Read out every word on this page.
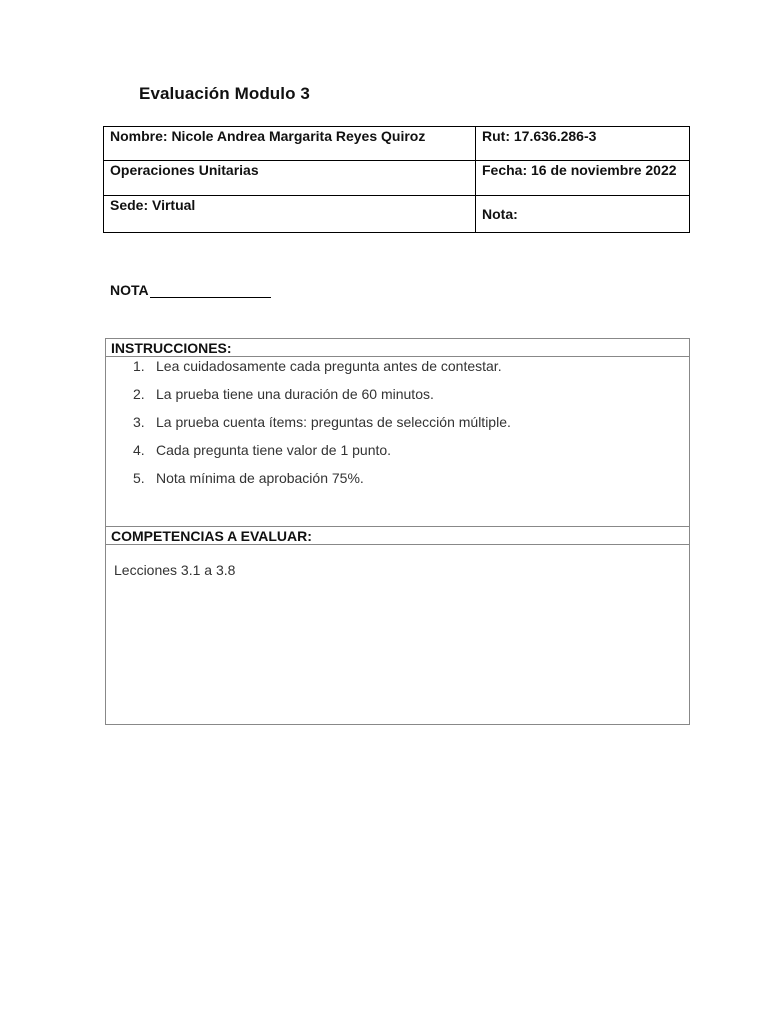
Evaluación Modulo 3
Nombre: Nicole Andrea Margarita Reyes Quiroz	Rut: 17.636.286-3
Operaciones Unitarias	Fecha: 16 de noviembre 2022
Sede: Virtual	Nota:
NOTA
INSTRUCCIONES:
1. Lea cuidadosamente cada pregunta antes de contestar.
2. La prueba tiene una duración de 60 minutos.
3. La prueba cuenta ítems: preguntas de selección múltiple.
4. Cada pregunta tiene valor de 1 punto.
5. Nota mínima de aprobación 75%.
COMPETENCIAS A EVALUAR:
Lecciones 3.1 a 3.8
